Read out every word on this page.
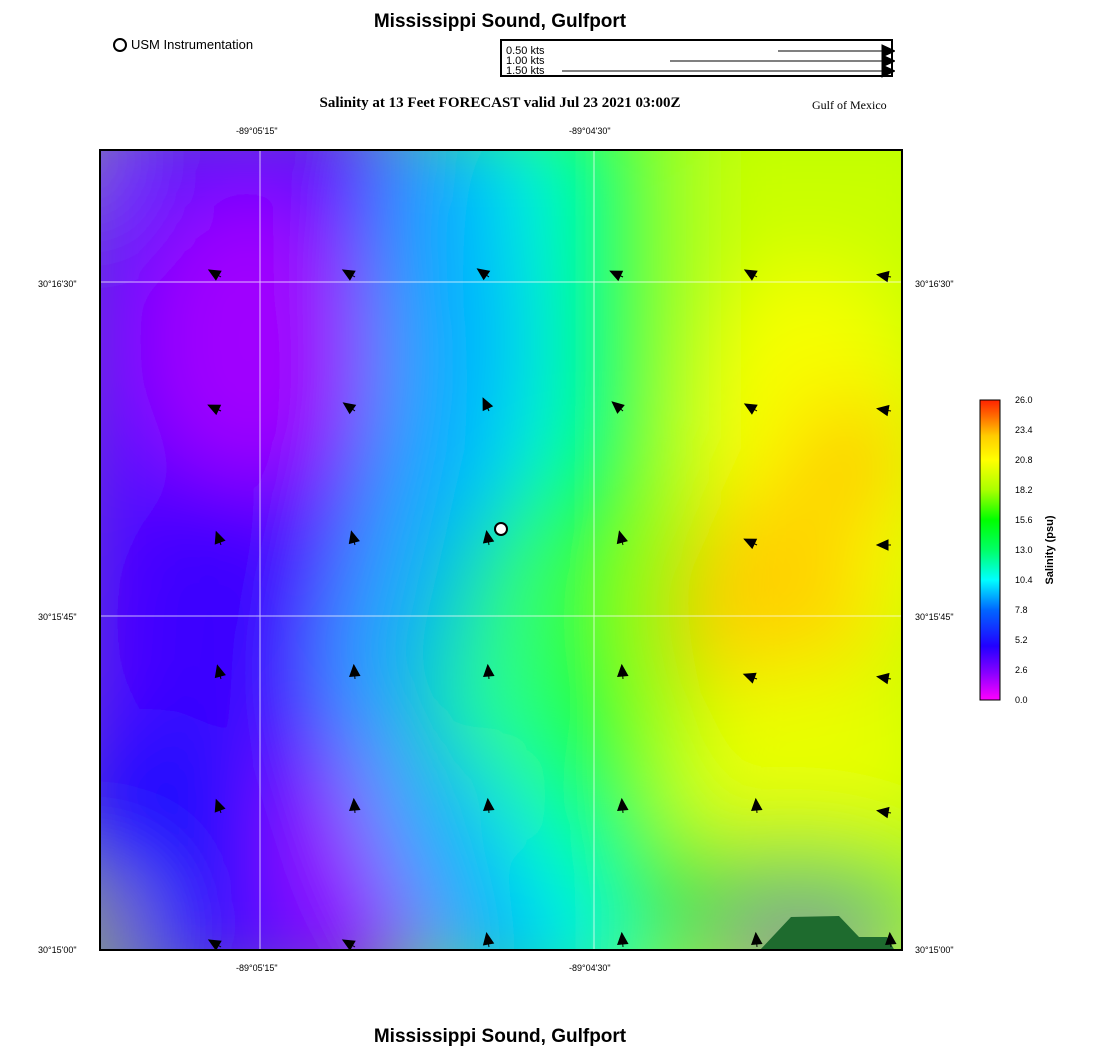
Mississippi Sound, Gulfport
USM Instrumentation	0.50 kts
1.00 kts
1.50 kts
Salinity at 13 Feet FORECAST valid Jul 23 2021 03:00Z	Gulf of Mexico
-89°05'15"	-89°04'30"
-89°05'15"	-89°04'30"
30°16'30"
30°15'45"
30°15'00"
30°16'30"
30°15'45"
30°15'00"
26.0
23.4
20.8
18.2
15.6
13.0
10.4
7.8
5.2
2.6
0.0
Salinity (psu)
Mississippi Sound, Gulfport
